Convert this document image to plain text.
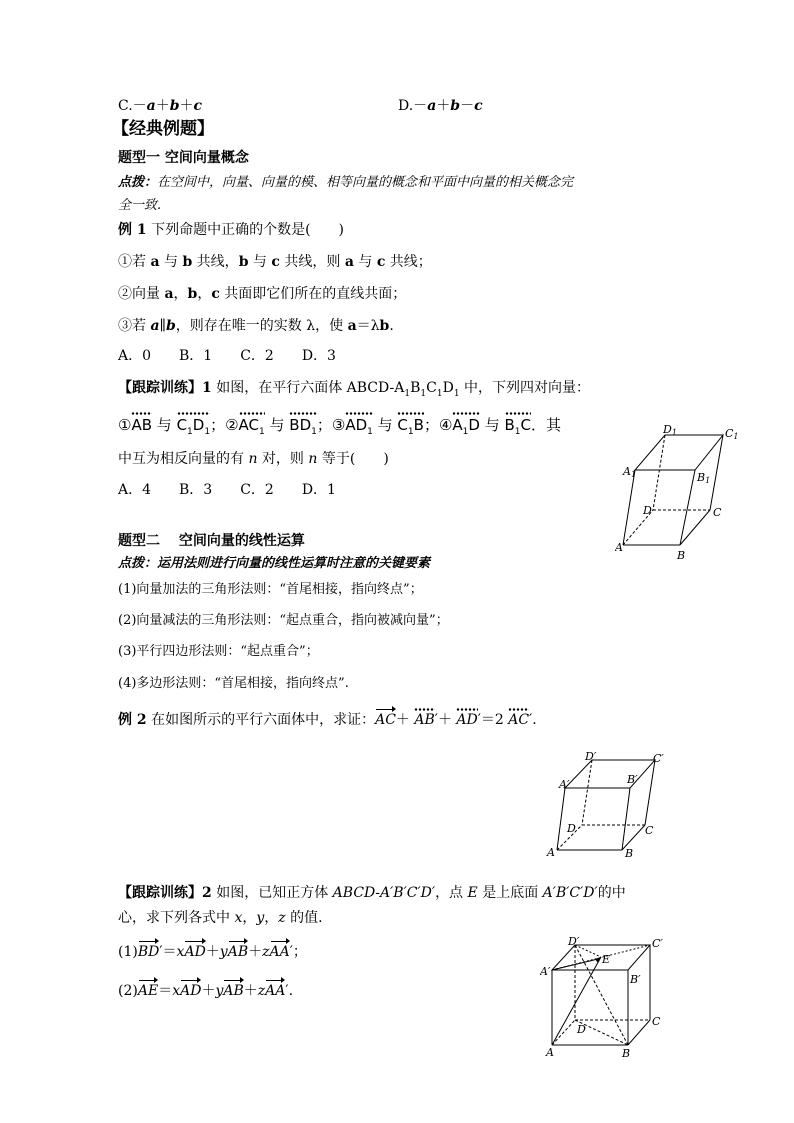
C.－a＋b＋c	D.－a＋b－c
【经典例题】
题型一 空间向量概念
点拨：在空间中，向量、向量的模、相等向量的概念和平面中向量的相关概念完
全一致.
例 1 下列命题中正确的个数是(　　)
①若 a 与 b 共线，b 与 c 共线，则 a 与 c 共线；
②向量 a，b，c 共面即它们所在的直线共面；
③若 a∥b，则存在唯一的实数 λ，使 a＝λb.
A．0　　B．1　　C．2　　D．3
【跟踪训练】1 如图，在平行六面体 ABCD-$A_1B_1C_1D_1$ 中，下列四对向量：
①AB 与 $C_1D_1$；$②AC_1$ 与 $BD_1$；$③AD_1$ 与 $C_1B$；$④A_1D$ 与 $B_1C$．其
中互为相反向量的有 n 对，则 n 等于(　　)
A．4　　B．3　　C．2　　D．1
D1	C1
A1	B1
D	C
A
B
题型二　 空间向量的线性运算
点拨：运用法则进行向量的线性运算时注意的关键要素
(1)向量加法的三角形法则：“首尾相接，指向终点”；
(2)向量减法的三角形法则：“起点重合，指向被减向量”；
(3)平行四边形法则：“起点重合”；
(4)多边形法则：“首尾相接，指向终点”.
例 2 在如图所示的平行六面体中，求证：AC＋ AB′＋ AD′＝2 AC′.
D′	C′
A′	B′
D	C
A	B
【跟踪训练】2 如图，已知正方体 ABCD-A′B′C′D′，点 E 是上底面 A′B′C′D′的中
心，求下列各式中 x，y，z 的值.
(1)BD′＝xAD＋yAB＋zAA′；
(2)AE＝xAD＋yAB＋zAA′.
D′	C′
A′
B′
E
D
C
A	B
